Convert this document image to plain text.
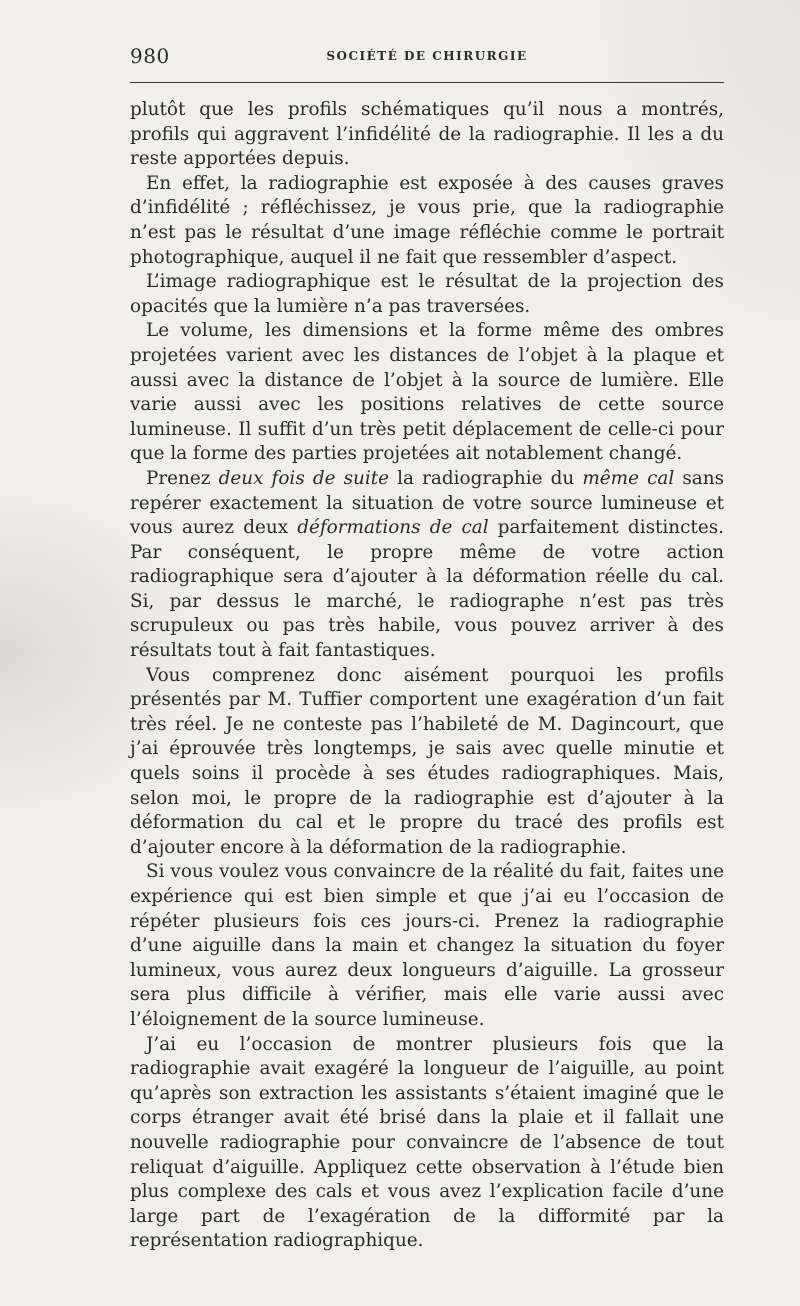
980	SOCIÉTÉ DE CHIRURGIE

plutôt que les profils schématiques qu’il nous a montrés, profils qui aggravent l’infidélité de la radiographie. Il les a du reste apportées depuis.

En effet, la radiographie est exposée à des causes graves d’infidélité ; réfléchissez, je vous prie, que la radiographie n’est pas le résultat d’une image réfléchie comme le portrait photographique, auquel il ne fait que ressembler d’aspect.

L’image radiographique est le résultat de la projection des opacités que la lumière n’a pas traversées.

Le volume, les dimensions et la forme même des ombres projetées varient avec les distances de l’objet à la plaque et aussi avec la distance de l’objet à la source de lumière. Elle varie aussi avec les positions relatives de cette source lumineuse. Il suffit d’un très petit déplacement de celle-ci pour que la forme des parties projetées ait notablement changé.

Prenez deux fois de suite la radiographie du même cal sans repérer exactement la situation de votre source lumineuse et vous aurez deux déformations de cal parfaitement distinctes. Par conséquent, le propre même de votre action radiographique sera d’ajouter à la déformation réelle du cal. Si, par dessus le marché, le radiographe n’est pas très scrupuleux ou pas très habile, vous pouvez arriver à des résultats tout à fait fantastiques.

Vous comprenez donc aisément pourquoi les profils présentés par M. Tuffier comportent une exagération d’un fait très réel. Je ne conteste pas l’habileté de M. Dagincourt, que j’ai éprouvée très longtemps, je sais avec quelle minutie et quels soins il procède à ses études radiographiques. Mais, selon moi, le propre de la radiographie est d’ajouter à la déformation du cal et le propre du tracé des profils est d’ajouter encore à la déformation de la radiographie.

Si vous voulez vous convaincre de la réalité du fait, faites une expérience qui est bien simple et que j’ai eu l’occasion de répéter plusieurs fois ces jours-ci. Prenez la radiographie d’une aiguille dans la main et changez la situation du foyer lumineux, vous aurez deux longueurs d’aiguille. La grosseur sera plus difficile à vérifier, mais elle varie aussi avec l’éloignement de la source lumineuse.

J’ai eu l’occasion de montrer plusieurs fois que la radiographie avait exagéré la longueur de l’aiguille, au point qu’après son extraction les assistants s’étaient imaginé que le corps étranger avait été brisé dans la plaie et il fallait une nouvelle radiographie pour convaincre de l’absence de tout reliquat d’aiguille. Appliquez cette observation à l’étude bien plus complexe des cals et vous avez l’explication facile d’une large part de l’exagération de la difformité par la représentation radiographique.
